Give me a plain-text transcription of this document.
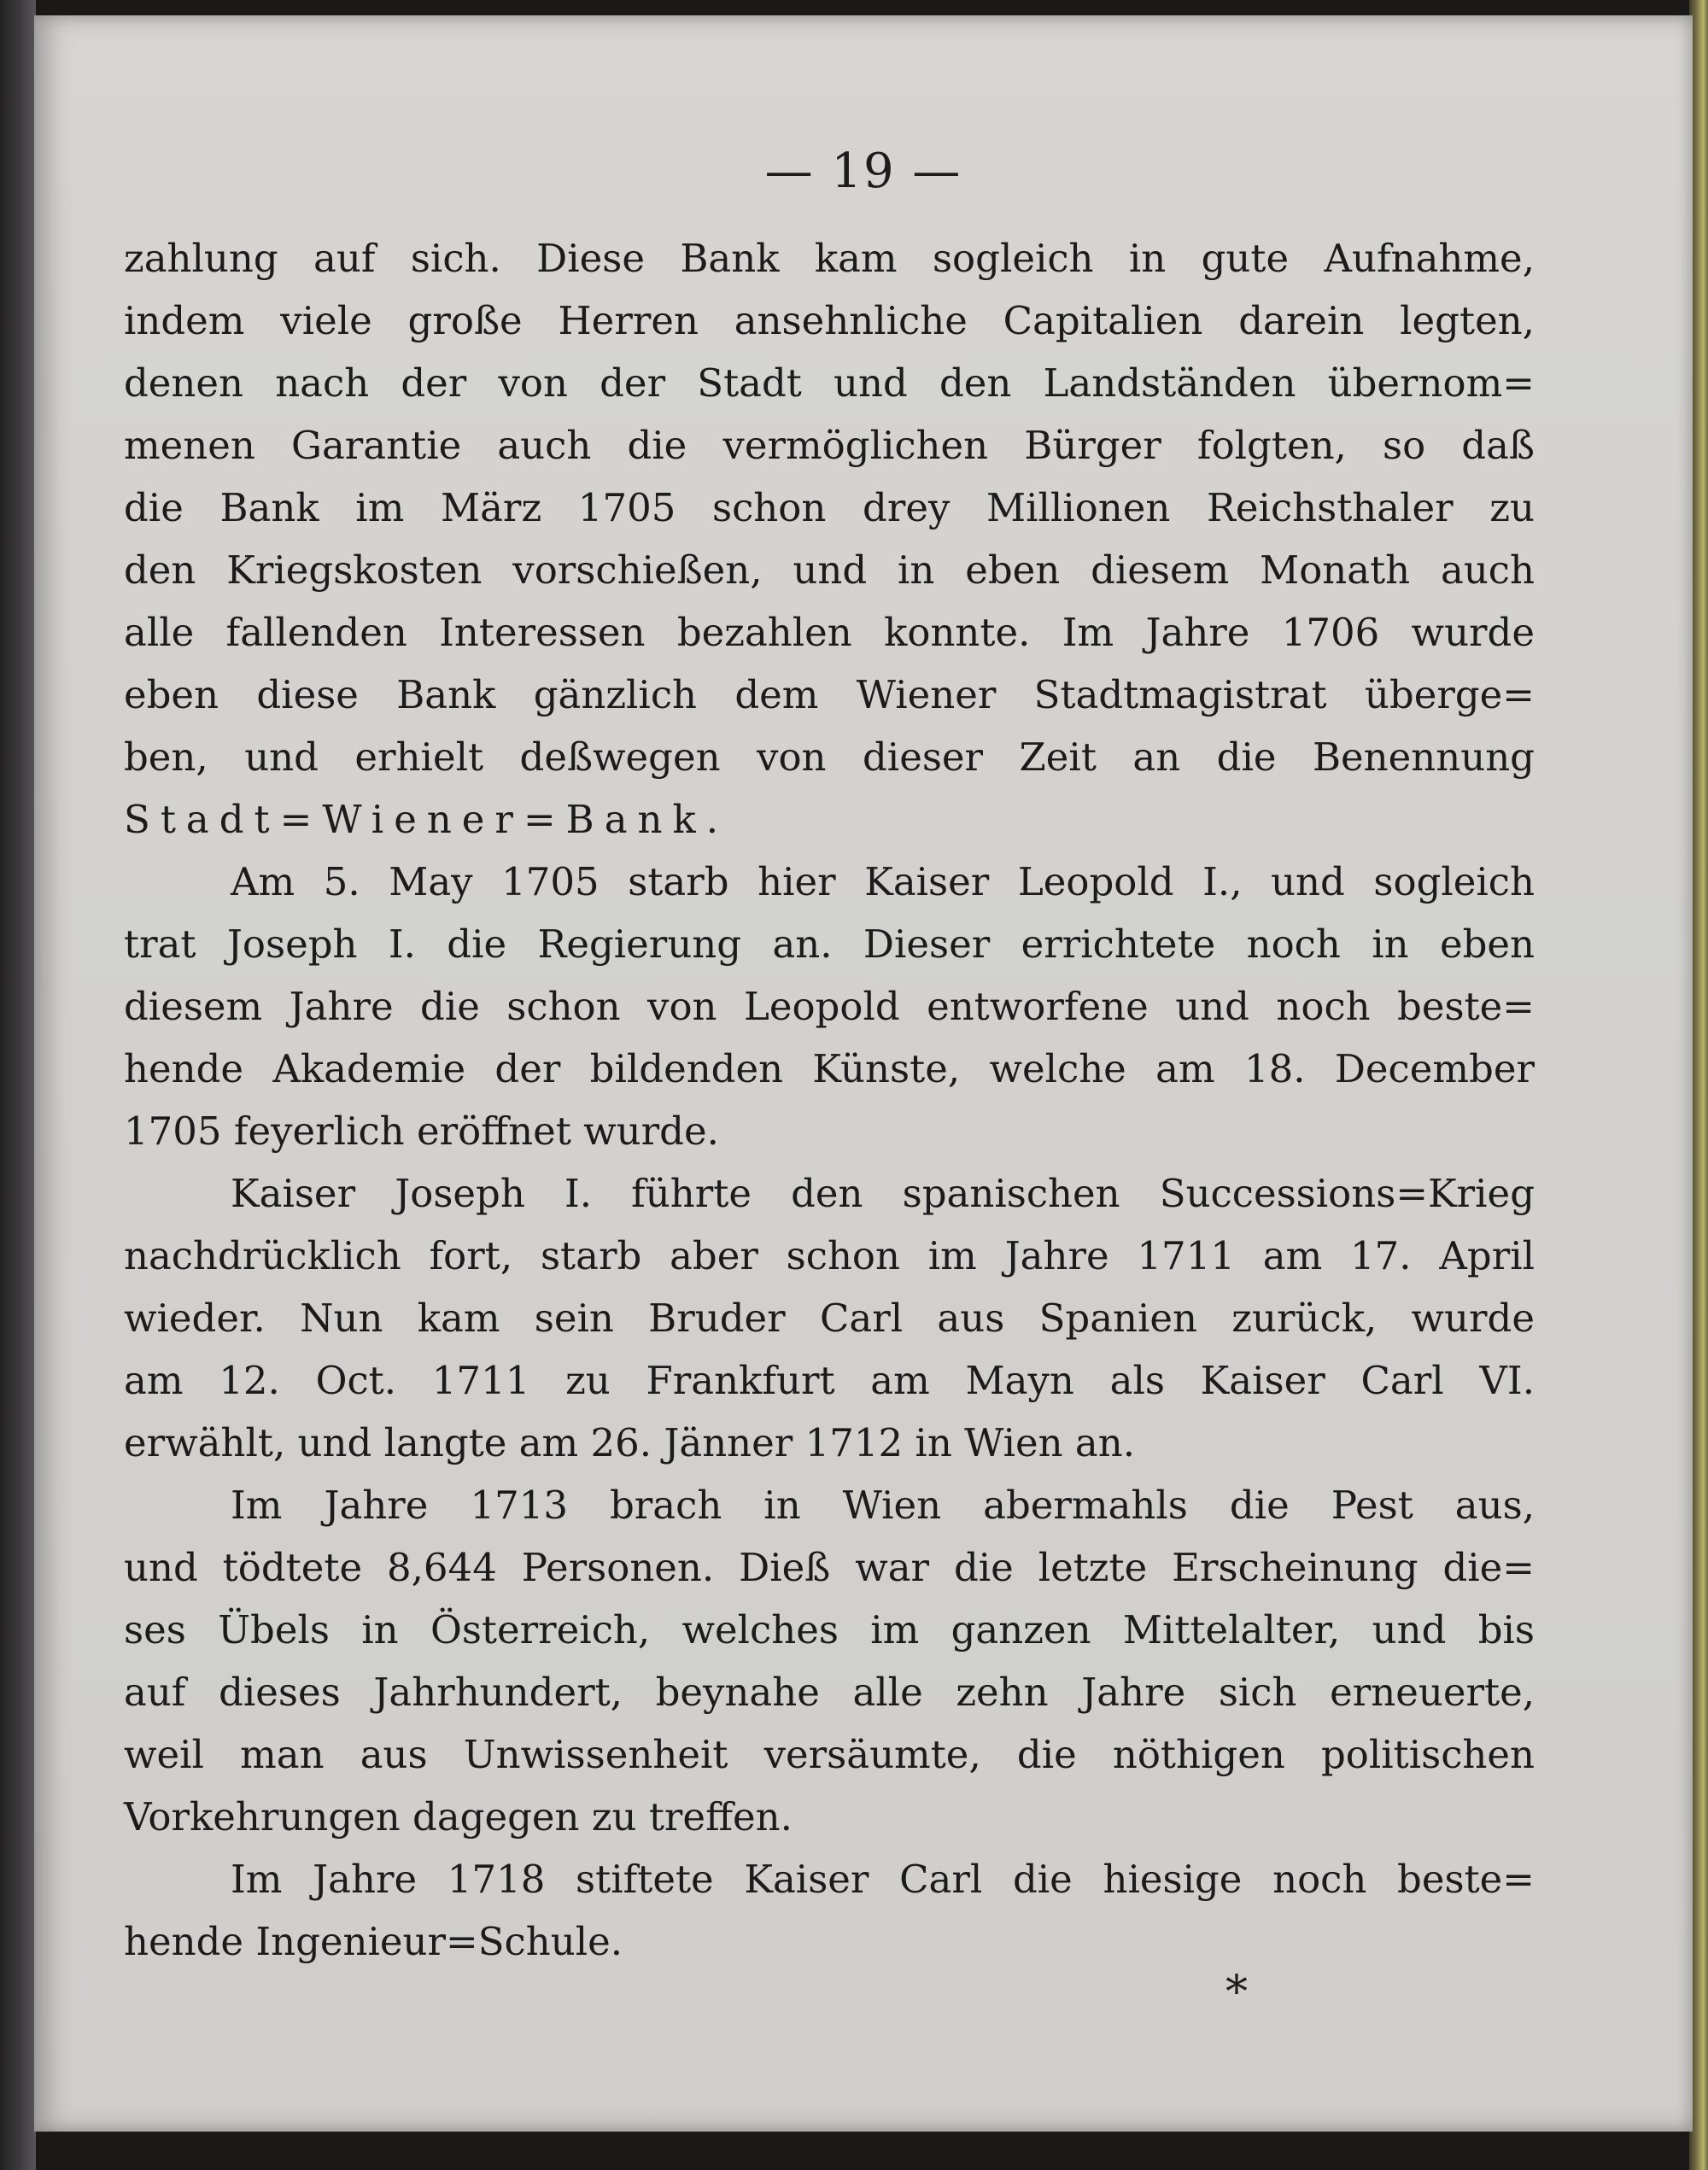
— 19 —
zahlung auf sich. Diese Bank kam sogleich in gute Aufnahme,
indem viele große Herren ansehnliche Capitalien darein legten,
denen nach der von der Stadt und den Landständen übernom=
menen Garantie auch die vermöglichen Bürger folgten, so daß
die Bank im März 1705 schon drey Millionen Reichsthaler zu
den Kriegskosten vorschießen, und in eben diesem Monath auch
alle fallenden Interessen bezahlen konnte. Im Jahre 1706 wurde
eben diese Bank gänzlich dem Wiener Stadtmagistrat überge=
ben, und erhielt deßwegen von dieser Zeit an die Benennung
Stadt=Wiener=Bank.
Am 5. May 1705 starb hier Kaiser Leopold I., und sogleich
trat Joseph I. die Regierung an. Dieser errichtete noch in eben
diesem Jahre die schon von Leopold entworfene und noch beste=
hende Akademie der bildenden Künste, welche am 18. December
1705 feyerlich eröffnet wurde.
Kaiser Joseph I. führte den spanischen Successions=Krieg
nachdrücklich fort, starb aber schon im Jahre 1711 am 17. April
wieder. Nun kam sein Bruder Carl aus Spanien zurück, wurde
am 12. Oct. 1711 zu Frankfurt am Mayn als Kaiser Carl VI.
erwählt, und langte am 26. Jänner 1712 in Wien an.
Im Jahre 1713 brach in Wien abermahls die Pest aus,
und tödtete 8,644 Personen. Dieß war die letzte Erscheinung die=
ses Übels in Österreich, welches im ganzen Mittelalter, und bis
auf dieses Jahrhundert, beynahe alle zehn Jahre sich erneuerte,
weil man aus Unwissenheit versäumte, die nöthigen politischen
Vorkehrungen dagegen zu treffen.
Im Jahre 1718 stiftete Kaiser Carl die hiesige noch beste=
hende Ingenieur=Schule.
*
